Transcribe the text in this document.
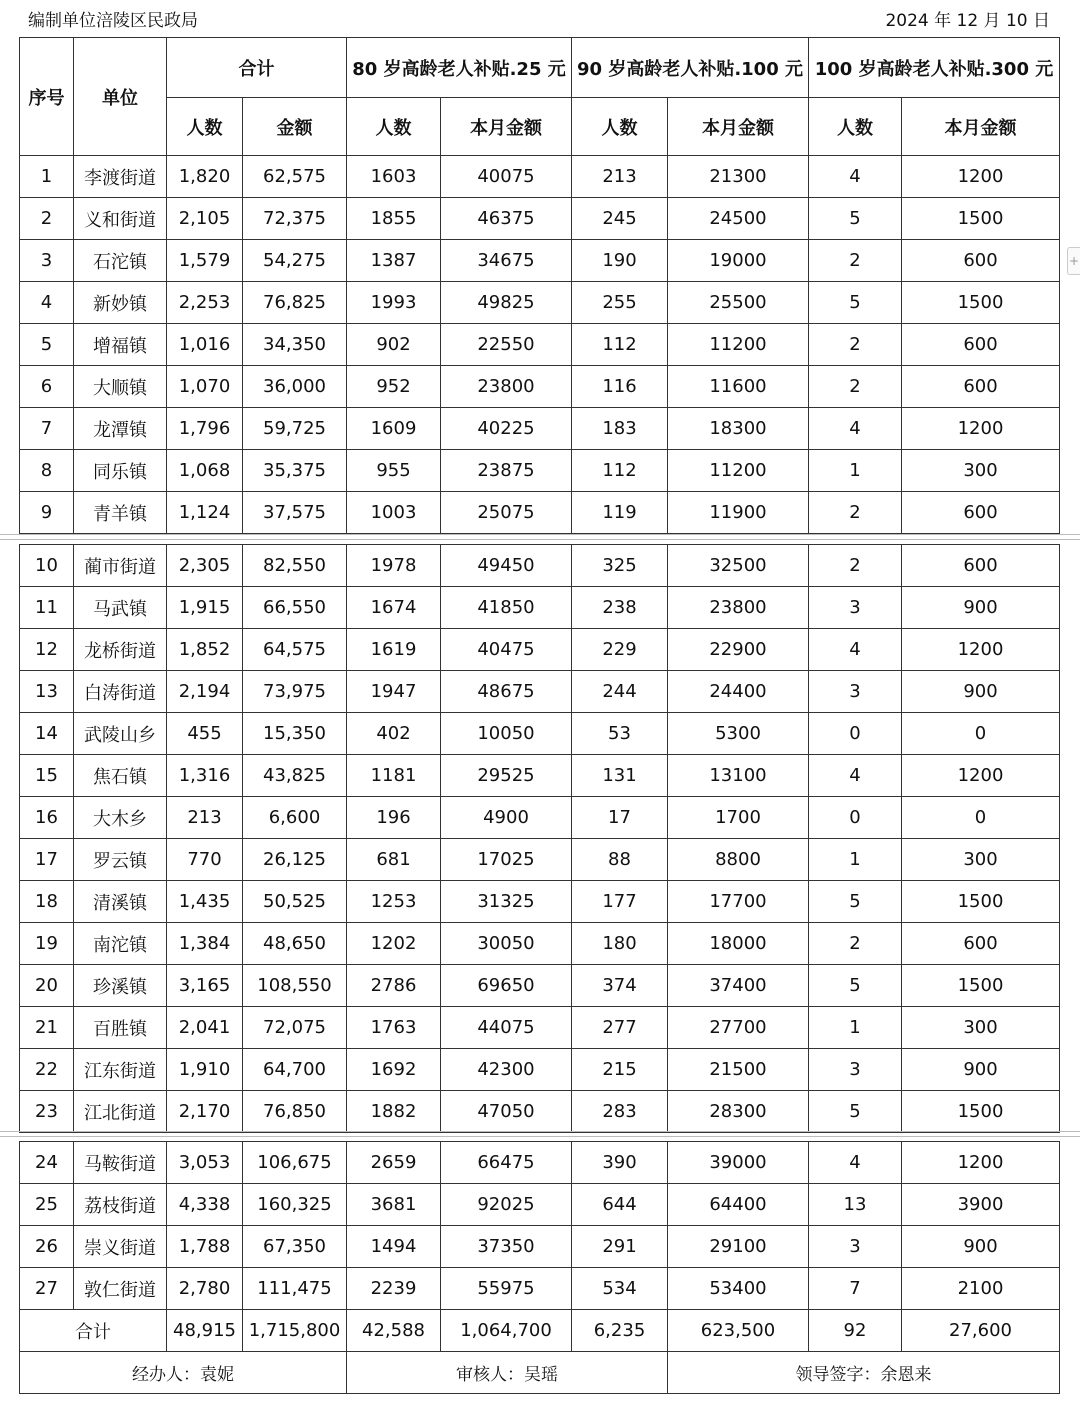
编制单位涪陵区民政局	2024 年 12 月 10 日
+
序号	单位	合计		80 岁高龄老人补贴.25 元		90 岁高龄老人补贴.100 元		100 岁高龄老人补贴.300 元	
		人数	金额	人数	本月金额	人数	本月金额	人数	本月金额
1	李渡街道	1,820	62,575	1603	40075	213	21300	4	1200
2	义和街道	2,105	72,375	1855	46375	245	24500	5	1500
3	石沱镇	1,579	54,275	1387	34675	190	19000	2	600
4	新妙镇	2,253	76,825	1993	49825	255	25500	5	1500
5	增福镇	1,016	34,350	902	22550	112	11200	2	600
6	大顺镇	1,070	36,000	952	23800	116	11600	2	600
7	龙潭镇	1,796	59,725	1609	40225	183	18300	4	1200
8	同乐镇	1,068	35,375	955	23875	112	11200	1	300
9	青羊镇	1,124	37,575	1003	25075	119	11900	2	600
10	蔺市街道	2,305	82,550	1978	49450	325	32500	2	600
11	马武镇	1,915	66,550	1674	41850	238	23800	3	900
12	龙桥街道	1,852	64,575	1619	40475	229	22900	4	1200
13	白涛街道	2,194	73,975	1947	48675	244	24400	3	900
14	武陵山乡	455	15,350	402	10050	53	5300	0	0
15	焦石镇	1,316	43,825	1181	29525	131	13100	4	1200
16	大木乡	213	6,600	196	4900	17	1700	0	0
17	罗云镇	770	26,125	681	17025	88	8800	1	300
18	清溪镇	1,435	50,525	1253	31325	177	17700	5	1500
19	南沱镇	1,384	48,650	1202	30050	180	18000	2	600
20	珍溪镇	3,165	108,550	2786	69650	374	37400	5	1500
21	百胜镇	2,041	72,075	1763	44075	277	27700	1	300
22	江东街道	1,910	64,700	1692	42300	215	21500	3	900
23	江北街道	2,170	76,850	1882	47050	283	28300	5	1500
24	马鞍街道	3,053	106,675	2659	66475	390	39000	4	1200
25	荔枝街道	4,338	160,325	3681	92025	644	64400	13	3900
26	崇义街道	1,788	67,350	1494	37350	291	29100	3	900
27	敦仁街道	2,780	111,475	2239	55975	534	53400	7	2100
合计		48,915	1,715,800	42,588	1,064,700	6,235	623,500	92	27,600
经办人：袁妮				审核人：吴瑶			领导签字：余恩来		
